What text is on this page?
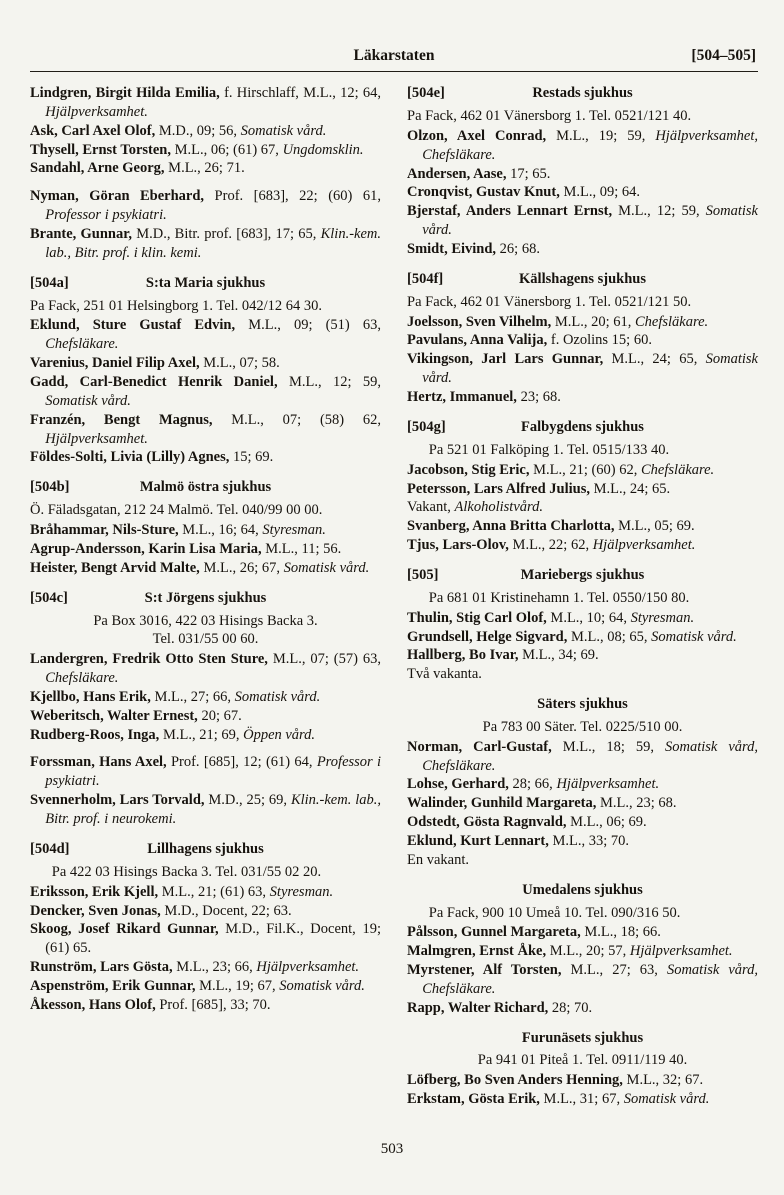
Läkarstaten	[504–505]

Lindgren, Birgit Hilda Emilia, f. Hirschlaff, M.L., 12; 64, Hjälpverksamhet.

Ask, Carl Axel Olof, M.D., 09; 56, Somatisk vård.

Thysell, Ernst Torsten, M.L., 06; (61) 67, Ungdomsklin.

Sandahl, Arne Georg, M.L., 26; 71.

Nyman, Göran Eberhard, Prof. [683], 22; (60) 61, Professor i psykiatri.

Brante, Gunnar, M.D., Bitr. prof. [683], 17; 65, Klin.-kem. lab., Bitr. prof. i klin. kemi.

[504a]	S:ta Maria sjukhus
Pa Fack, 251 01 Helsingborg 1. Tel. 042/12 64 30.

Eklund, Sture Gustaf Edvin, M.L., 09; (51) 63, Chefsläkare.

Varenius, Daniel Filip Axel, M.L., 07; 58.

Gadd, Carl-Benedict Henrik Daniel, M.L., 12; 59, Somatisk vård.

Franzén, Bengt Magnus, M.L., 07; (58) 62, Hjälpverksamhet.

Földes-Solti, Livia (Lilly) Agnes, 15; 69.

[504b]	Malmö östra sjukhus
Ö. Fäladsgatan, 212 24 Malmö. Tel. 040/99 00 00.

Bråhammar, Nils-Sture, M.L., 16; 64, Styresman.

Agrup-Andersson, Karin Lisa Maria, M.L., 11; 56.

Heister, Bengt Arvid Malte, M.L., 26; 67, Somatisk vård.

[504c]	S:t Jörgens sjukhus
Pa Box 3016, 422 03 Hisings Backa 3.
Tel. 031/55 00 60.

Landergren, Fredrik Otto Sten Sture, M.L., 07; (57) 63, Chefsläkare.

Kjellbo, Hans Erik, M.L., 27; 66, Somatisk vård.

Weberitsch, Walter Ernest, 20; 67.

Rudberg-Roos, Inga, M.L., 21; 69, Öppen vård.

Forssman, Hans Axel, Prof. [685], 12; (61) 64, Professor i psykiatri.

Svennerholm, Lars Torvald, M.D., 25; 69, Klin.-kem. lab., Bitr. prof. i neurokemi.

[504d]	Lillhagens sjukhus
Pa 422 03 Hisings Backa 3. Tel. 031/55 02 20.

Eriksson, Erik Kjell, M.L., 21; (61) 63, Styresman.

Dencker, Sven Jonas, M.D., Docent, 22; 63.

Skoog, Josef Rikard Gunnar, M.D., Fil.K., Docent, 19; (61) 65.

Runström, Lars Gösta, M.L., 23; 66, Hjälpverksamhet.

Aspenström, Erik Gunnar, M.L., 19; 67, Somatisk vård.

Åkesson, Hans Olof, Prof. [685], 33; 70.

[504e]	Restads sjukhus
Pa Fack, 462 01 Vänersborg 1. Tel. 0521/121 40.

Olzon, Axel Conrad, M.L., 19; 59, Hjälpverksamhet, Chefsläkare.

Andersen, Aase, 17; 65.

Cronqvist, Gustav Knut, M.L., 09; 64.

Bjerstaf, Anders Lennart Ernst, M.L., 12; 59, Somatisk vård.

Smidt, Eivind, 26; 68.

[504f]	Källshagens sjukhus
Pa Fack, 462 01 Vänersborg 1. Tel. 0521/121 50.

Joelsson, Sven Vilhelm, M.L., 20; 61, Chefsläkare.

Pavulans, Anna Valija, f. Ozolins 15; 60.

Vikingson, Jarl Lars Gunnar, M.L., 24; 65, Somatisk vård.

Hertz, Immanuel, 23; 68.

[504g]	Falbygdens sjukhus
Pa 521 01 Falköping 1. Tel. 0515/133 40.

Jacobson, Stig Eric, M.L., 21; (60) 62, Chefsläkare.

Petersson, Lars Alfred Julius, M.L., 24; 65.

Vakant, Alkoholistvård.

Svanberg, Anna Britta Charlotta, M.L., 05; 69.

Tjus, Lars-Olov, M.L., 22; 62, Hjälpverksamhet.

[505]	Mariebergs sjukhus
Pa 681 01 Kristinehamn 1. Tel. 0550/150 80.

Thulin, Stig Carl Olof, M.L., 10; 64, Styresman.

Grundsell, Helge Sigvard, M.L., 08; 65, Somatisk vård.

Hallberg, Bo Ivar, M.L., 34; 69.

Två vakanta.

Säters sjukhus
Pa 783 00 Säter. Tel. 0225/510 00.

Norman, Carl-Gustaf, M.L., 18; 59, Somatisk vård, Chefsläkare.

Lohse, Gerhard, 28; 66, Hjälpverksamhet.

Walinder, Gunhild Margareta, M.L., 23; 68.

Odstedt, Gösta Ragnvald, M.L., 06; 69.

Eklund, Kurt Lennart, M.L., 33; 70.

En vakant.

Umedalens sjukhus
Pa Fack, 900 10 Umeå 10. Tel. 090/316 50.

Pålsson, Gunnel Margareta, M.L., 18; 66.

Malmgren, Ernst Åke, M.L., 20; 57, Hjälpverksamhet.

Myrstener, Alf Torsten, M.L., 27; 63, Somatisk vård, Chefsläkare.

Rapp, Walter Richard, 28; 70.

Furunäsets sjukhus
Pa 941 01 Piteå 1. Tel. 0911/119 40.

Löfberg, Bo Sven Anders Henning, M.L., 32; 67.

Erkstam, Gösta Erik, M.L., 31; 67, Somatisk vård.

503
